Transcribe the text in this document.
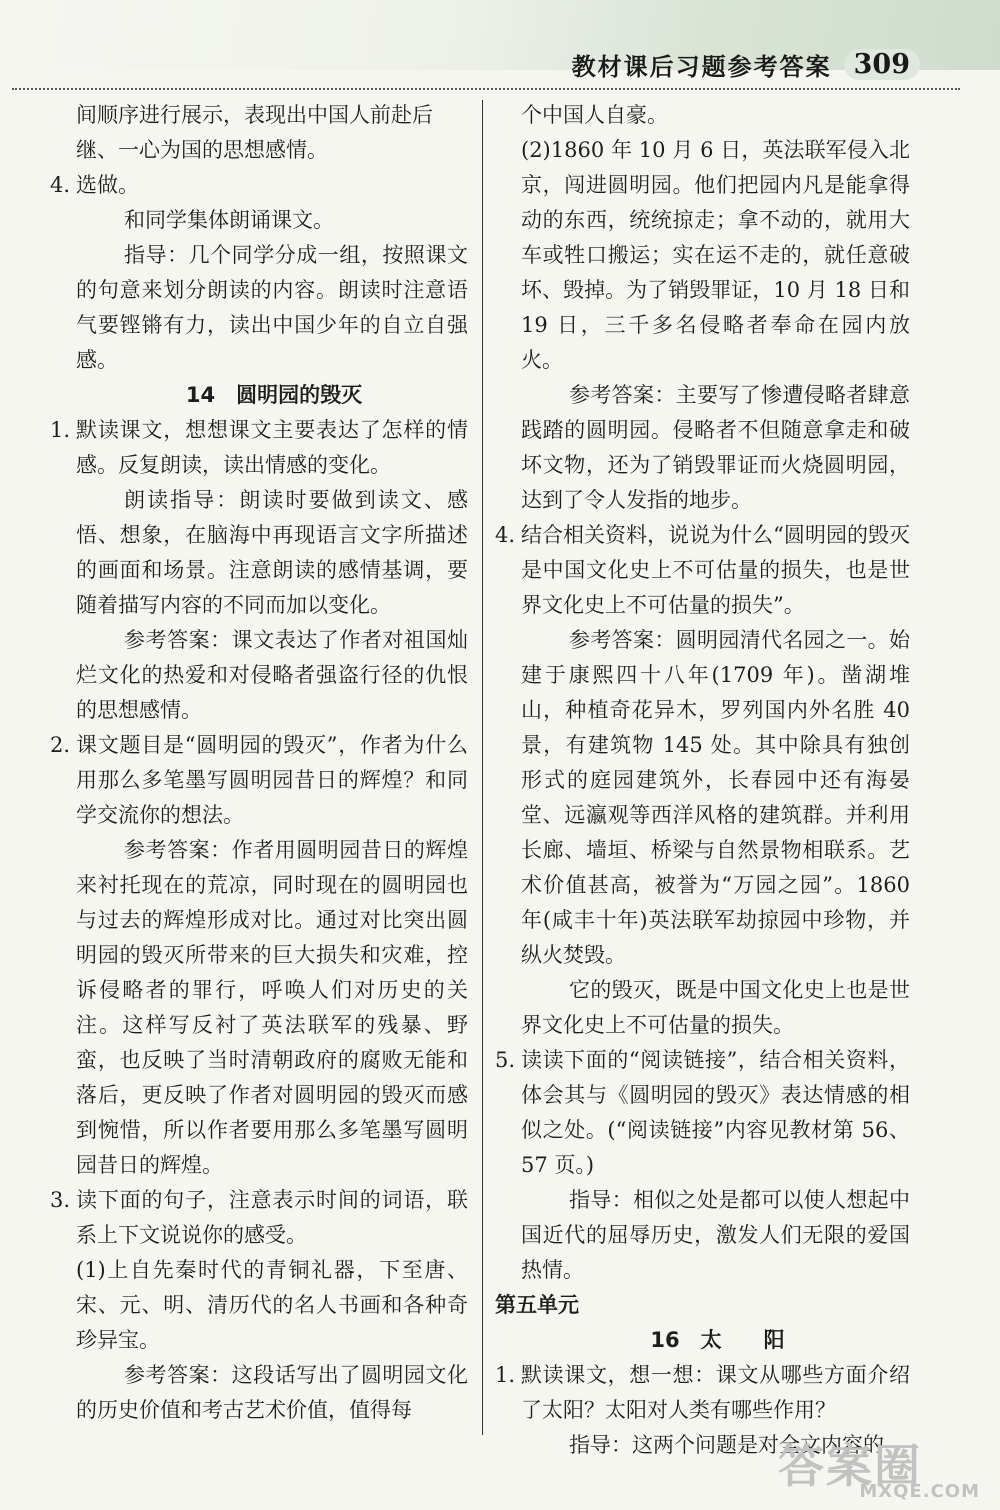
教材课后习题参考答案 309

间顺序进行展示，表现出中国人前赴后

继、一心为国的思想感情。

4. 选做。

和同学集体朗诵课文。

指导：几个同学分成一组，按照课文的句意来划分朗读的内容。朗读时注意语气要铿锵有力，读出中国少年的自立自强感。

14　圆明园的毁灭

1. 默读课文，想想课文主要表达了怎样的情感。反复朗读，读出情感的变化。

朗读指导：朗读时要做到读文、感悟、想象，在脑海中再现语言文字所描述的画面和场景。注意朗读的感情基调，要随着描写内容的不同而加以变化。

参考答案：课文表达了作者对祖国灿烂文化的热爱和对侵略者强盗行径的仇恨的思想感情。

2. 课文题目是“圆明园的毁灭”，作者为什么用那么多笔墨写圆明园昔日的辉煌？和同学交流你的想法。

参考答案：作者用圆明园昔日的辉煌来衬托现在的荒凉，同时现在的圆明园也与过去的辉煌形成对比。通过对比突出圆明园的毁灭所带来的巨大损失和灾难，控诉侵略者的罪行，呼唤人们对历史的关注。这样写反衬了英法联军的残暴、野蛮，也反映了当时清朝政府的腐败无能和落后，更反映了作者对圆明园的毁灭而感到惋惜，所以作者要用那么多笔墨写圆明园昔日的辉煌。

3. 读下面的句子，注意表示时间的词语，联系上下文说说你的感受。

(1)上自先秦时代的青铜礼器，下至唐、宋、元、明、清历代的名人书画和各种奇珍异宝。

参考答案：这段话写出了圆明园文化的历史价值和考古艺术价值，值得每

个中国人自豪。

(2)1860 年 10 月 6 日，英法联军侵入北京，闯进圆明园。他们把园内凡是能拿得动的东西，统统掠走；拿不动的，就用大车或牲口搬运；实在运不走的，就任意破坏、毁掉。为了销毁罪证，10 月 18 日和 19 日，三千多名侵略者奉命在园内放火。

参考答案：主要写了惨遭侵略者肆意践踏的圆明园。侵略者不但随意拿走和破坏文物，还为了销毁罪证而火烧圆明园，达到了令人发指的地步。

4. 结合相关资料，说说为什么“圆明园的毁灭是中国文化史上不可估量的损失，也是世界文化史上不可估量的损失”。

参考答案：圆明园清代名园之一。始建于康熙四十八年(1709 年)。凿湖堆山，种植奇花异木，罗列国内外名胜 40 景，有建筑物 145 处。其中除具有独创形式的庭园建筑外，长春园中还有海晏堂、远瀛观等西洋风格的建筑群。并利用长廊、墙垣、桥梁与自然景物相联系。艺术价值甚高，被誉为“万园之园”。1860 年(咸丰十年)英法联军劫掠园中珍物，并纵火焚毁。

它的毁灭，既是中国文化史上也是世界文化史上不可估量的损失。

5. 读读下面的“阅读链接”，结合相关资料，体会其与《圆明园的毁灭》表达情感的相似之处。(“阅读链接”内容见教材第 56、57 页。)

指导：相似之处是都可以使人想起中国近代的屈辱历史，激发人们无限的爱国热情。

第五单元

16　太　　阳

1. 默读课文，想一想：课文从哪些方面介绍了太阳？太阳对人类有哪些作用？

指导：这两个问题是对全文内容的

答案圈
MXQE.COM
